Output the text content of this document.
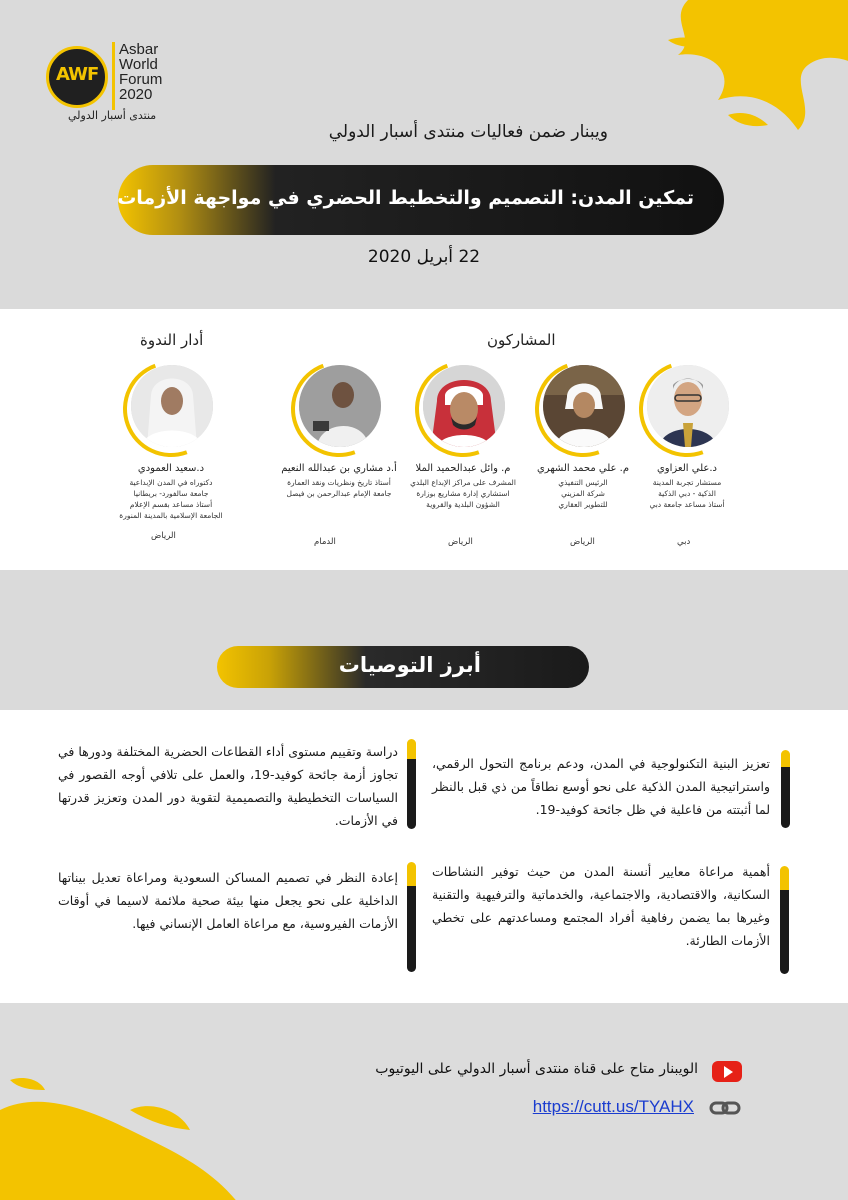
AWF
Asbar
World
Forum
2020
منتدى أسبار الدولي
ويبنار ضمن فعاليات منتدى أسبار الدولي
تمكين المدن: التصميم والتخطيط الحضري في مواجهة الأزمات
22 أبريل 2020
أدار الندوة	المشاركون
د.سعيد العمودي
دكتوراه في المدن الإبداعية
جامعة سالفورد- بريطانيا
أستاذ مساعد بقسم الإعلام
الجامعة الإسلامية بالمدينة المنورة
الرياض
أ.د مشاري بن عبدالله النعيم
أستاذ تاريخ ونظريات ونقد العمارة
جامعة الإمام عبدالرحمن بن فيصل
الدمام
م. وائل عبدالحميد الملا
المشرف على مراكز الإبداع البلدي
استشاري إدارة مشاريع بوزارة
الشؤون البلدية والقروية
الرياض
م. علي محمد الشهري
الرئيس التنفيذي
شركة المزيني
للتطوير العقاري
الرياض
د.علي العزاوي
مستشار تجربة المدينة
الذكية - دبي الذكية
أستاذ مساعد جامعة دبي
دبي
أبرز التوصيات
تعزيز البنية التكنولوجية في المدن، ودعم برنامج التحول الرقمي، واستراتيجية المدن الذكية على نحو أوسع نطاقاً من ذي قبل بالنظر لما أثبتته من فاعلية في ظل جائحة كوفيد-19.
دراسة وتقييم مستوى أداء القطاعات الحضرية المختلفة ودورها في تجاوز أزمة جائحة كوفيد-19، والعمل على تلافي أوجه القصور في السياسات التخطيطية والتصميمية لتقوية دور المدن وتعزيز قدرتها في الأزمات.
أهمية مراعاة معايير أنسنة المدن من حيث توفير النشاطات السكانية، والاقتصادية، والاجتماعية، والخدماتية والترفيهية والتقنية وغيرها بما يضمن رفاهية أفراد المجتمع ومساعدتهم على تخطي الأزمات الطارئة.
إعادة النظر في تصميم المساكن السعودية ومراعاة تعديل بيناتها الداخلية على نحو يجعل منها بيئة صحية ملائمة لاسيما في أوقات الأزمات الفيروسية، مع مراعاة العامل الإنساني فيها.
الويبنار متاح على قناة منتدى أسبار الدولي على اليوتيوب
https://cutt.us/TYAHX
